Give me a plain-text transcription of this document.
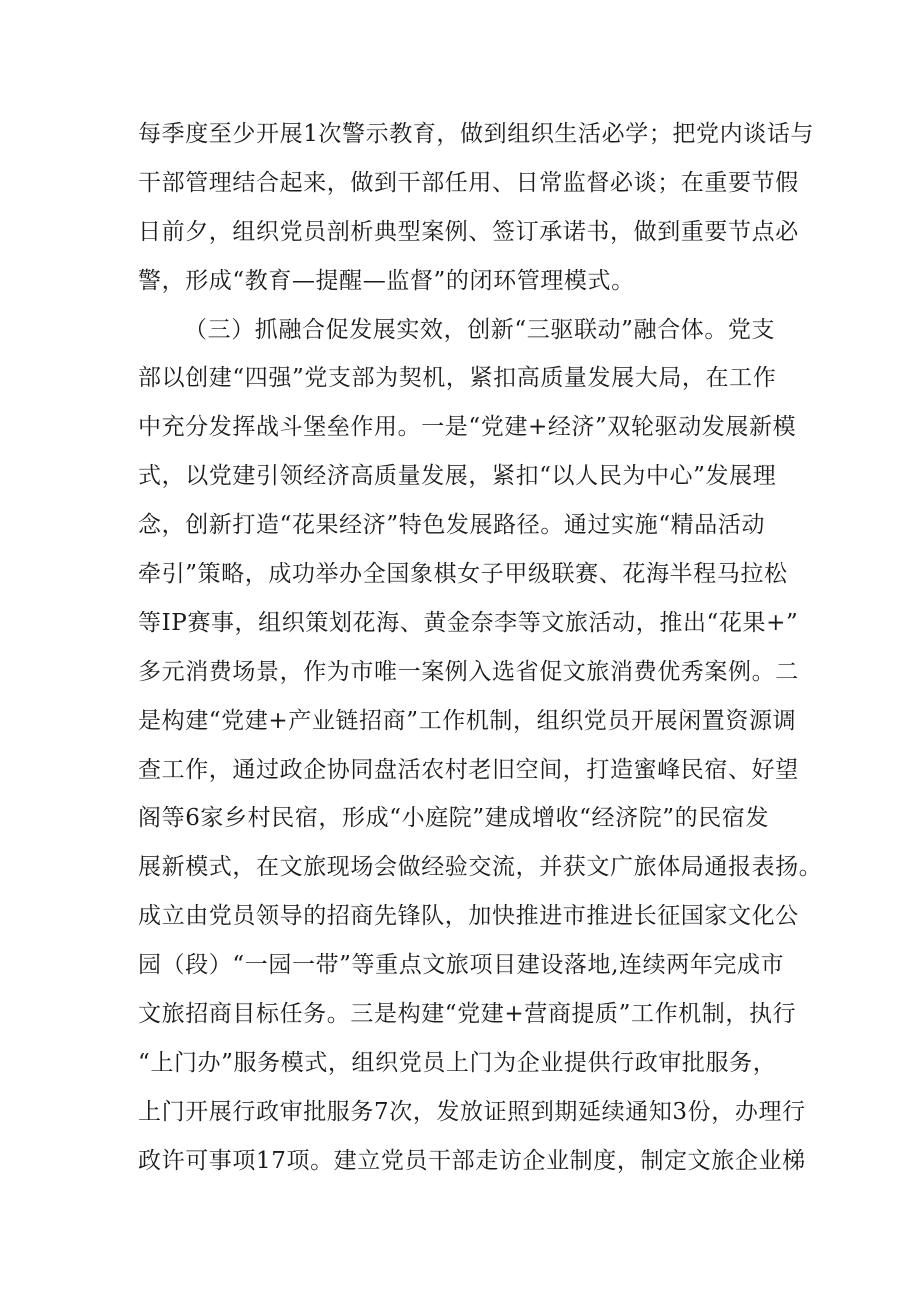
每季度至少开展1次警示教育，做到组织生活必学；把党内谈话与
干部管理结合起来，做到干部任用、日常监督必谈；在重要节假
日前夕，组织党员剖析典型案例、签订承诺书，做到重要节点必
警，形成“教育—提醒—监督”的闭环管理模式。
（三）抓融合促发展实效，创新“三驱联动”融合体。党支
部以创建“四强”党支部为契机，紧扣高质量发展大局，在工作
中充分发挥战斗堡垒作用。一是“党建+经济”双轮驱动发展新模
式，以党建引领经济高质量发展，紧扣“以人民为中心”发展理
念，创新打造“花果经济”特色发展路径。通过实施“精品活动
牵引”策略，成功举办全国象棋女子甲级联赛、花海半程马拉松
等IP赛事，组织策划花海、黄金奈李等文旅活动，推出“花果+”
多元消费场景，作为市唯一案例入选省促文旅消费优秀案例。二
是构建“党建+产业链招商”工作机制，组织党员开展闲置资源调
查工作，通过政企协同盘活农村老旧空间，打造蜜峰民宿、好望
阁等6家乡村民宿，形成“小庭院”建成增收“经济院”的民宿发
展新模式，在文旅现场会做经验交流，并获文广旅体局通报表扬。
成立由党员领导的招商先锋队，加快推进市推进长征国家文化公
园（段）“一园一带”等重点文旅项目建设落地,连续两年完成市
文旅招商目标任务。三是构建“党建+营商提质”工作机制，执行
“上门办”服务模式，组织党员上门为企业提供行政审批服务，
上门开展行政审批服务7次，发放证照到期延续通知3份，办理行
政许可事项17项。建立党员干部走访企业制度，制定文旅企业梯
